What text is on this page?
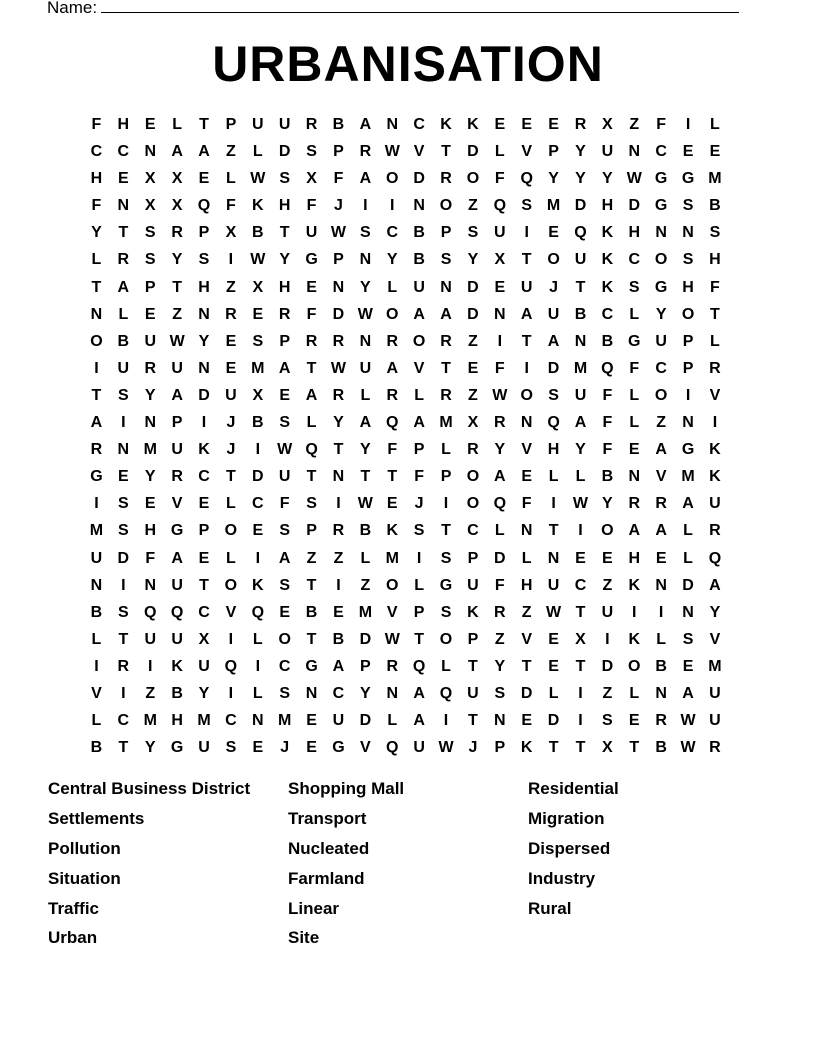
Name:
URBANISATION
F	H E	L	T	P U U R B A N C K K E	E	E R X	Z	F	I	L
C C N A A	Z	L	D S	P R W V	T	D	L	V	P	Y U N C E	E
H E	X	X	E	L W S	X	F	A O D R O F Q Y	Y	Y W G G M
F	N X	X Q F	K H	F	J	I	I	N O Z Q S M D H D G S B
Y	T	S R P	X B	T	U W S C B P	S U	I	E Q K H N N S
L	R S	Y	S	I	W Y G P N Y B S	Y	X	T O U K C O S H
T	A P	T	H	Z	X H E N Y	L	U N D E U	J	T	K S G H	F
N	L	E	Z	N R E R	F	D W O A A D N A U B C	L	Y O T
O B U W Y	E	S	P R R N R O R	Z	I	T	A N B G U P	L
I	U R U N E M A	T W U A V	T	E	F	I	D M Q F	C P R
T	S	Y A D U X	E A R	L	R	L	R	Z W O S U	F	L O	I	V
A	I	N P	I	J	B S	L	Y A Q A M X R N Q A	F	L	Z	N	I
R N M U K	J	I	W Q T	Y	F	P	L	R Y	V H Y	F	E A G K
G E	Y R C	T	D U	T	N	T	T	F	P O A E	L	L	B N V M K
I	S	E	V	E	L	C	F	S	I	W E	J	I	O Q F	I	W Y R R A U
M S H G P O E	S	P R B K S	T	C	L	N	T	I	O A A	L	R
U D	F	A E	L	I	A	Z	Z	L M	I	S	P D	L	N E	E H E	L Q
N	I	N U	T O K S	T	I	Z O L G U	F	H U C	Z	K N D A
B S Q Q C V Q E B E M V	P	S K R	Z W T	U	I	I	N Y
L	T	U U X	I	L O T	B D W T O P	Z	V	E	X	I	K	L	S	V
I	R	I	K U Q	I	C G A P R Q L	T	Y	T	E	T	D O B E M
V	I	Z	B Y	I	L	S N C Y N A Q U S D	L	I	Z	L	N A U
L	C M H M C N M E U D	L	A	I	T	N E D	I	S	E R W U
B	T	Y G U S	E	J	E G V Q U W J	P K	T	T	X	T	B W R
Central Business District	Shopping Mall	Residential
Settlements	Transport	Migration
Pollution	Nucleated	Dispersed
Situation	Farmland	Industry
Traffic	Linear	Rural
Urban	Site
